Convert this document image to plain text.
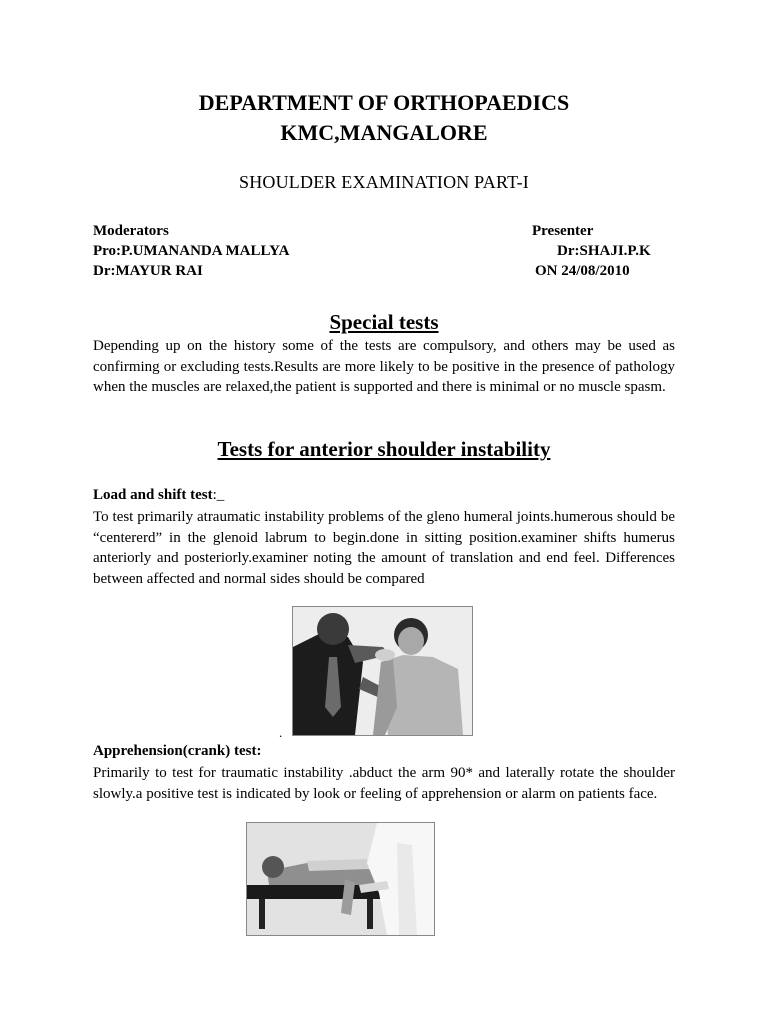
DEPARTMENT OF ORTHOPAEDICS
KMC,MANGALORE
SHOULDER EXAMINATION PART-I
Moderators
Pro:P.UMANANDA MALLYA
Dr:MAYUR RAI
Presenter
Dr:SHAJI.P.K
ON 24/08/2010
Special tests

Depending up on the history some of the tests are compulsory, and others may be used as confirming or excluding tests.Results are more likely to be positive in the presence of pathology when the muscles are relaxed,the patient is supported and there is minimal or no muscle spasm.

Tests for anterior shoulder instability
Load and shift test:_

To test primarily atraumatic instability problems of the gleno humeral joints.humerous should be “centererd” in the glenoid labrum to begin.done in sitting position.examiner shifts humerus anteriorly and posteriorly.examiner noting the amount of translation and end feel. Differences between affected and normal sides should be compared

.
Apprehension(crank) test:

Primarily to test for traumatic instability .abduct the arm 90* and laterally rotate the shoulder slowly.a positive test is indicated by look or feeling of apprehension or alarm on patients face.
